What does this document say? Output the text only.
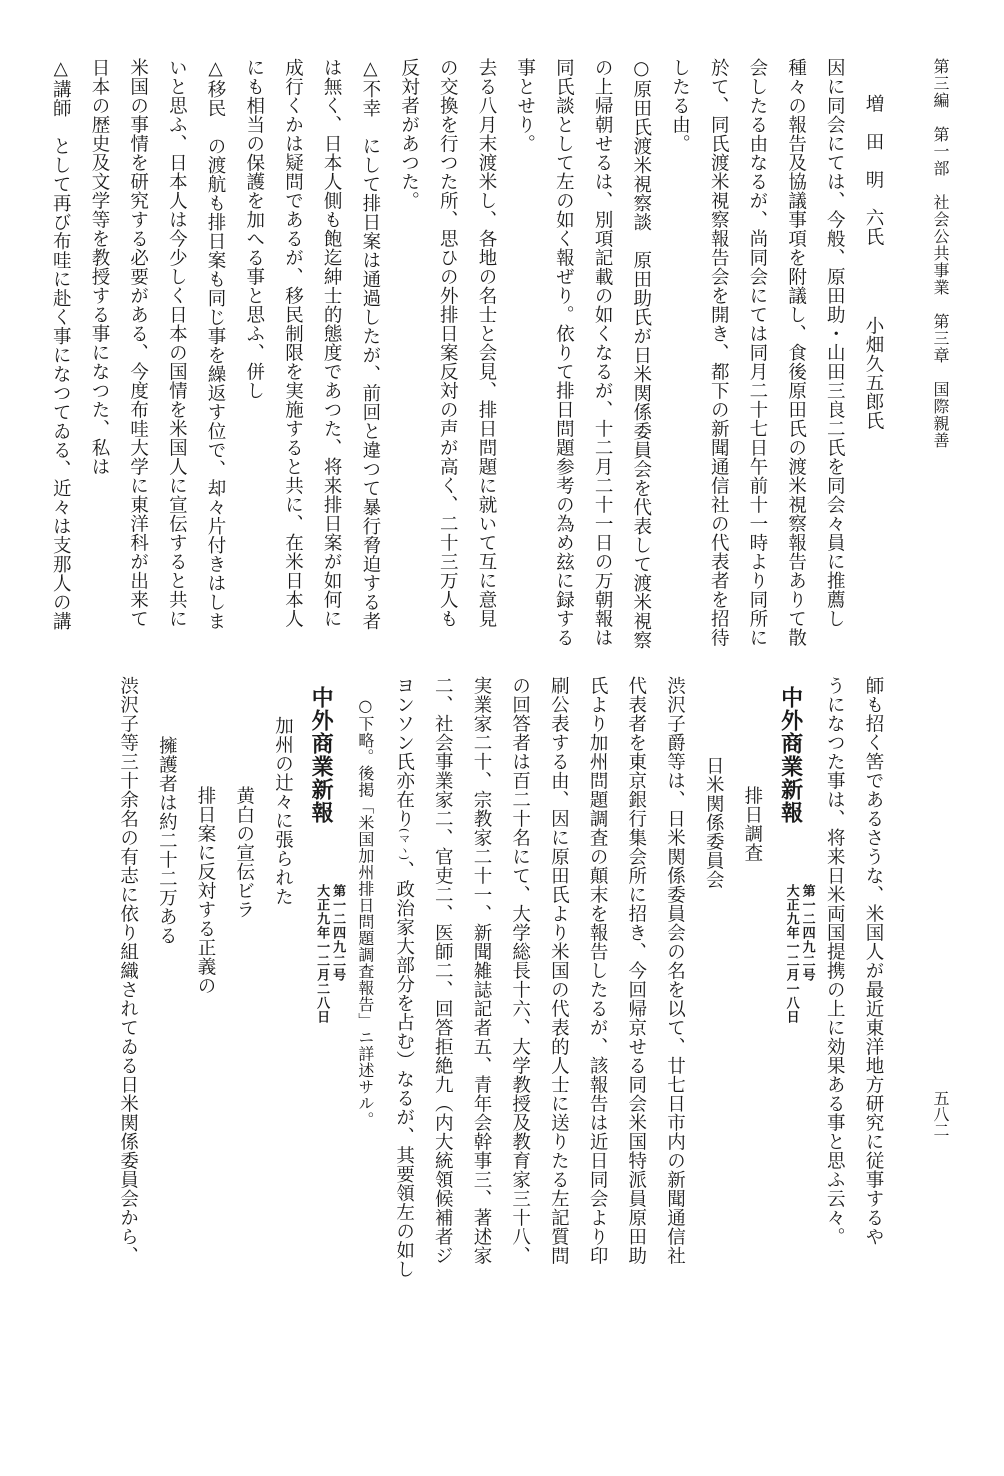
第三編　第一部　社会公共事業　第三章　国際親善
五八二
増　田　明　六氏小畑久五郎氏
因に同会にては、今般、原田助・山田三良二氏を同会々員に推薦し
種々の報告及協議事項を附議し、食後原田氏の渡米視察報告ありて散
会したる由なるが、尚同会にては同月二十七日午前十一時より同所に
於て、同氏渡米視察報告会を開き、都下の新聞通信社の代表者を招待
したる由。
○原田氏渡米視察談　原田助氏が日米関係委員会を代表して渡米視察
の上帰朝せるは、別項記載の如くなるが、十二月二十一日の万朝報は
同氏談として左の如く報ぜり。依りて排日問題参考の為め玆に録する
事とせり。
去る八月末渡米し、各地の名士と会見、排日問題に就いて互に意見
の交換を行つた所、思ひの外排日案反対の声が高く、二十三万人も
反対者があつた。
△不幸　にして排日案は通過したが、前回と違つて暴行脅迫する者
は無く、日本人側も飽迄紳士的態度であつた、将来排日案が如何に
成行くかは疑問であるが、移民制限を実施すると共に、在米日本人
にも相当の保護を加へる事と思ふ、併し
△移民　の渡航も排日案も同じ事を繰返す位で、却々片付きはしま
いと思ふ、日本人は今少しく日本の国情を米国人に宣伝すると共に
米国の事情を研究する必要がある、今度布哇大学に東洋科が出来て
日本の歴史及文学等を教授する事になつた、私は
△講師　として再び布哇に赴く事になつてゐる、近々は支那人の講
師も招く筈であるさうな、米国人が最近東洋地方研究に従事するや
うになつた事は、将来日米両国提携の上に効果ある事と思ふ云々。
中外商業新報第一二四九二号
大正九年一二月一八日
排日調査
日米関係委員会
渋沢子爵等は、日米関係委員会の名を以て、廿七日市内の新聞通信社
代表者を東京銀行集会所に招き、今回帰京せる同会米国特派員原田助
氏より加州問題調査の顛末を報告したるが、該報告は近日同会より印
刷公表する由、因に原田氏より米国の代表的人士に送りたる左記質問
の回答者は百二十名にて、大学総長十六、大学教授及教育家三十八、
実業家二十、宗教家二十一、新聞雑誌記者五、青年会幹事三、著述家
二、社会事業家二、官吏二、医師二、回答拒絶九（内大統領候補者ジ
ヨンソン氏亦在り(マヽ)、政治家大部分を占む）なるが、其要領左の如し
○下略。後掲「米国加州排日問題調査報告」ニ詳述サル。
中外商業新報第一二四九二号
大正九年一二月二八日
加州の辻々に張られた
黄白の宣伝ビラ
排日案に反対する正義の
擁護者は約二十二万ある
渋沢子等三十余名の有志に依り組織されてゐる日米関係委員会から、
